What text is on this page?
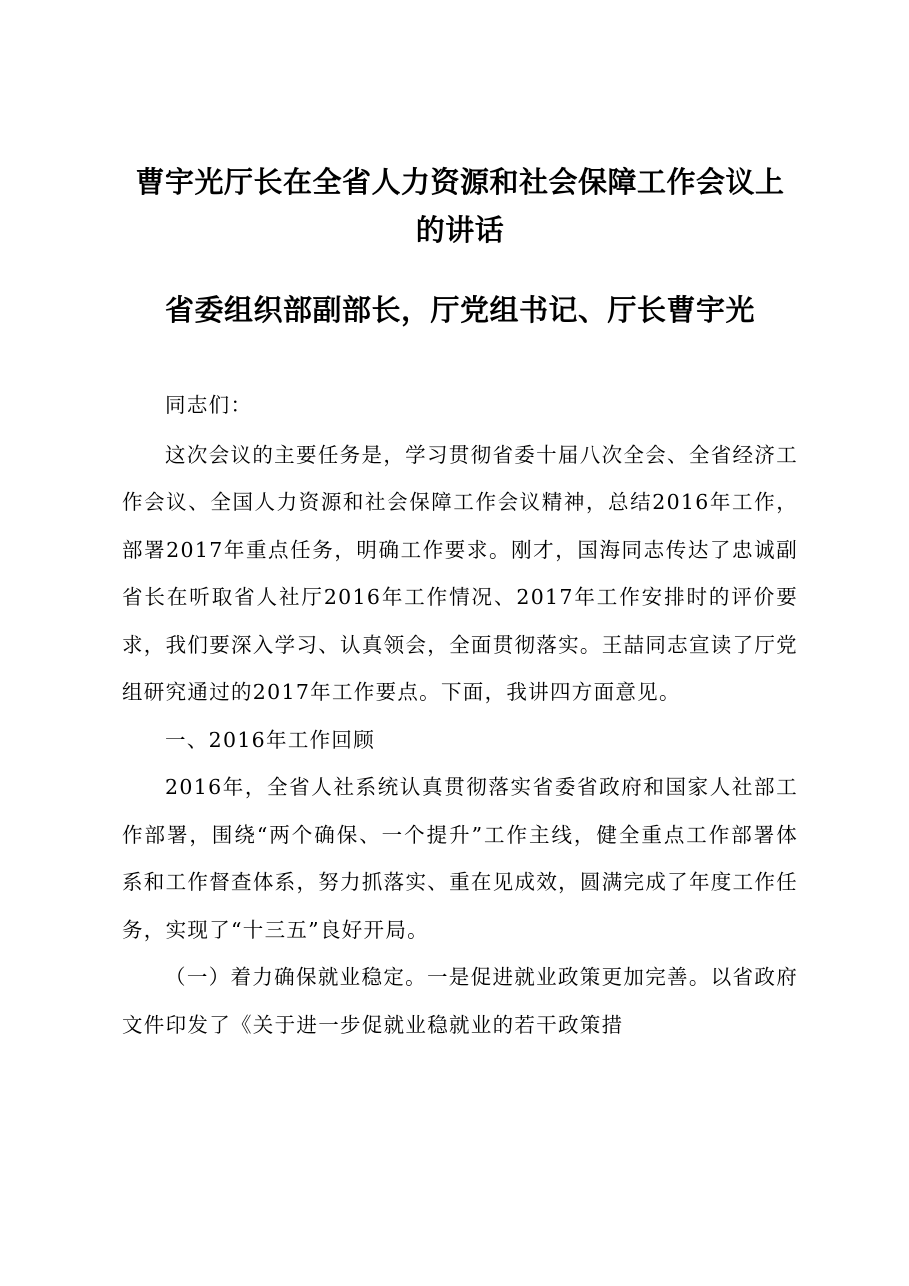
曹宇光厅长在全省人力资源和社会保障工作会议上的讲话
省委组织部副部长，厅党组书记、厅长曹宇光

同志们：

这次会议的主要任务是，学习贯彻省委十届八次全会、全省经济工作会议、全国人力资源和社会保障工作会议精神，总结2016年工作，部署2017年重点任务，明确工作要求。刚才，国海同志传达了忠诚副省长在听取省人社厅2016年工作情况、2017年工作安排时的评价要求，我们要深入学习、认真领会，全面贯彻落实。王喆同志宣读了厅党组研究通过的2017年工作要点。下面，我讲四方面意见。

一、2016年工作回顾

2016年，全省人社系统认真贯彻落实省委省政府和国家人社部工作部署，围绕“两个确保、一个提升”工作主线，健全重点工作部署体系和工作督查体系，努力抓落实、重在见成效，圆满完成了年度工作任务，实现了“十三五”良好开局。

（一）着力确保就业稳定。一是促进就业政策更加完善。以省政府文件印发了《关于进一步促就业稳就业的若干政策措
